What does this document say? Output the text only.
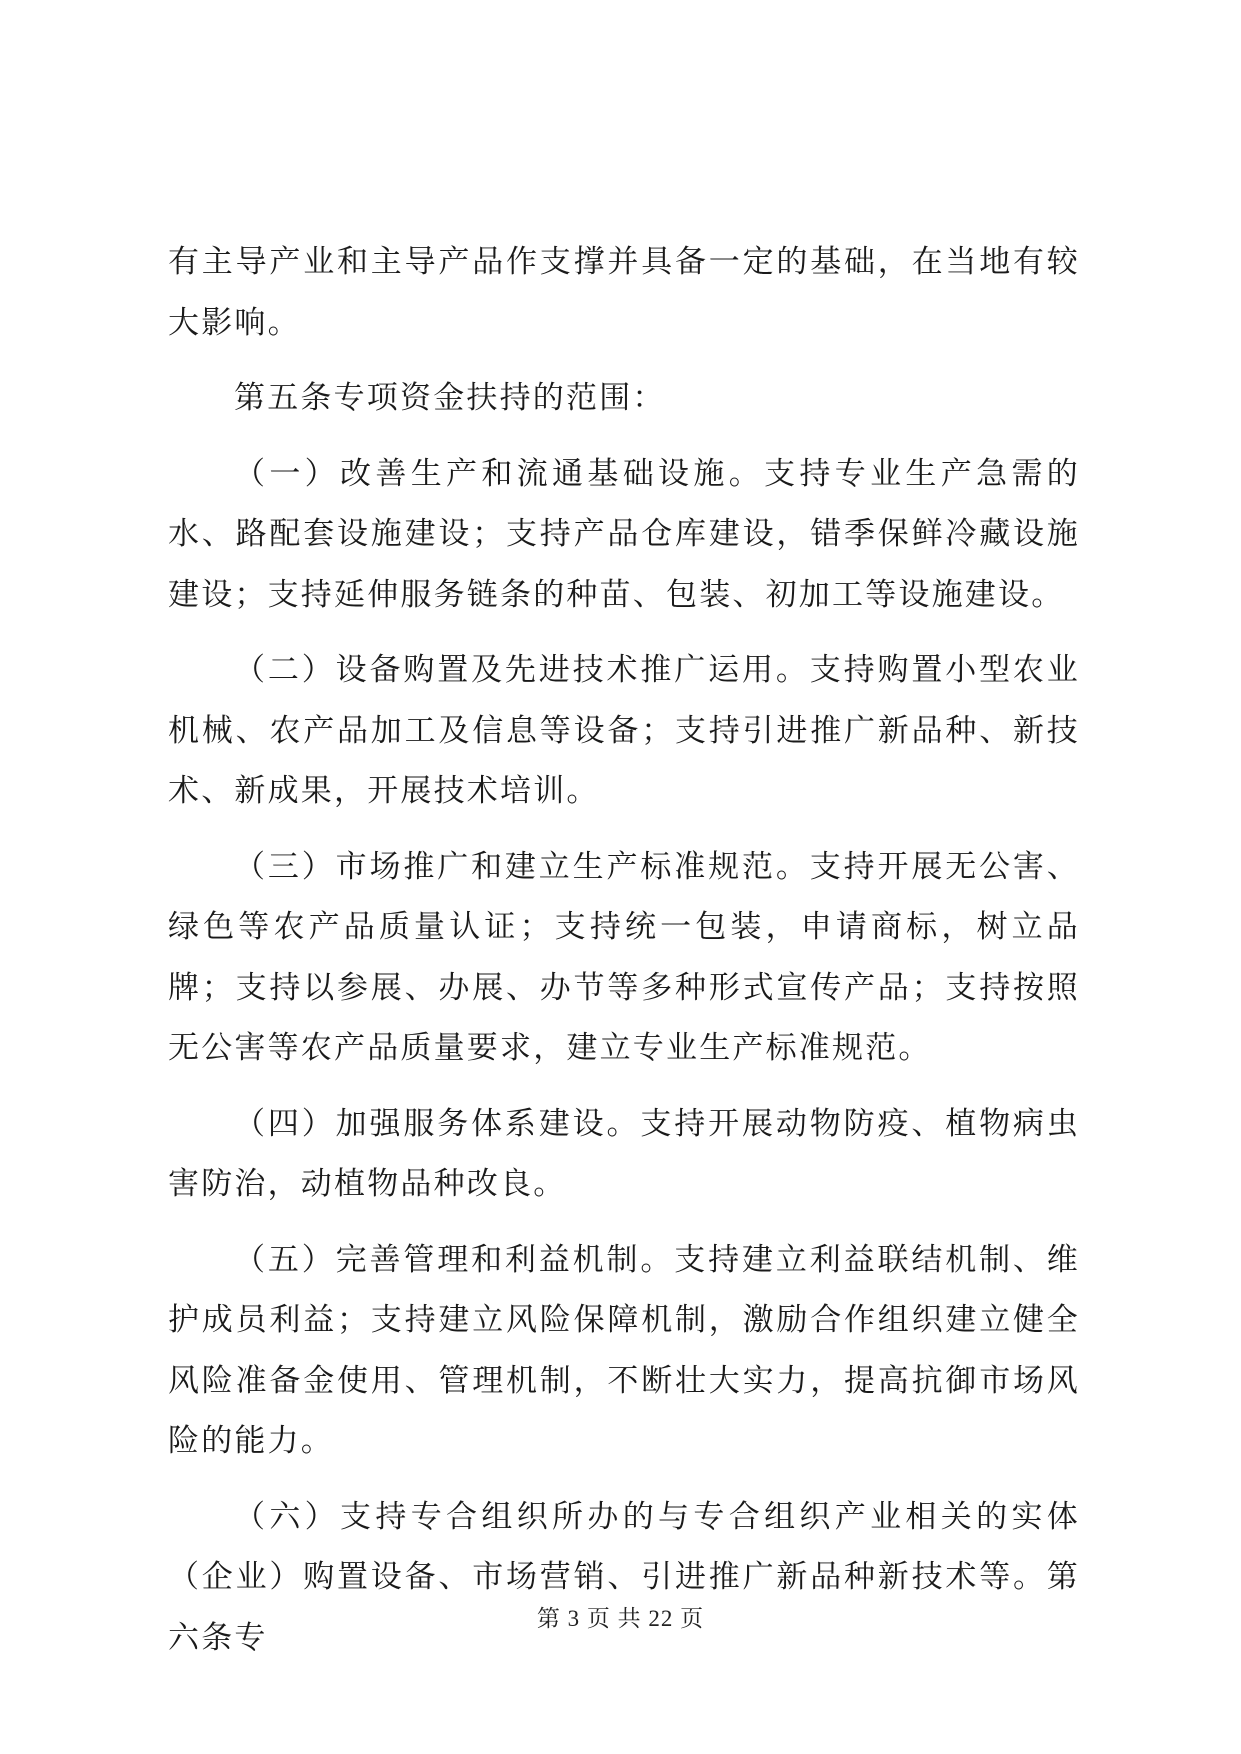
有主导产业和主导产品作支撑并具备一定的基础，在当地有较大影响。

第五条专项资金扶持的范围：

（一）改善生产和流通基础设施。支持专业生产急需的水、路配套设施建设；支持产品仓库建设，错季保鲜冷藏设施建设；支持延伸服务链条的种苗、包装、初加工等设施建设。

（二）设备购置及先进技术推广运用。支持购置小型农业机械、农产品加工及信息等设备；支持引进推广新品种、新技术、新成果，开展技术培训。

（三）市场推广和建立生产标准规范。支持开展无公害、绿色等农产品质量认证；支持统一包装，申请商标，树立品牌；支持以参展、办展、办节等多种形式宣传产品；支持按照无公害等农产品质量要求，建立专业生产标准规范。

（四）加强服务体系建设。支持开展动物防疫、植物病虫害防治，动植物品种改良。

（五）完善管理和利益机制。支持建立利益联结机制、维护成员利益；支持建立风险保障机制，激励合作组织建立健全风险准备金使用、管理机制，不断壮大实力，提高抗御市场风险的能力。

（六）支持专合组织所办的与专合组织产业相关的实体（企业）购置设备、市场营销、引进推广新品种新技术等。第六条专

第 3 页 共 22 页
